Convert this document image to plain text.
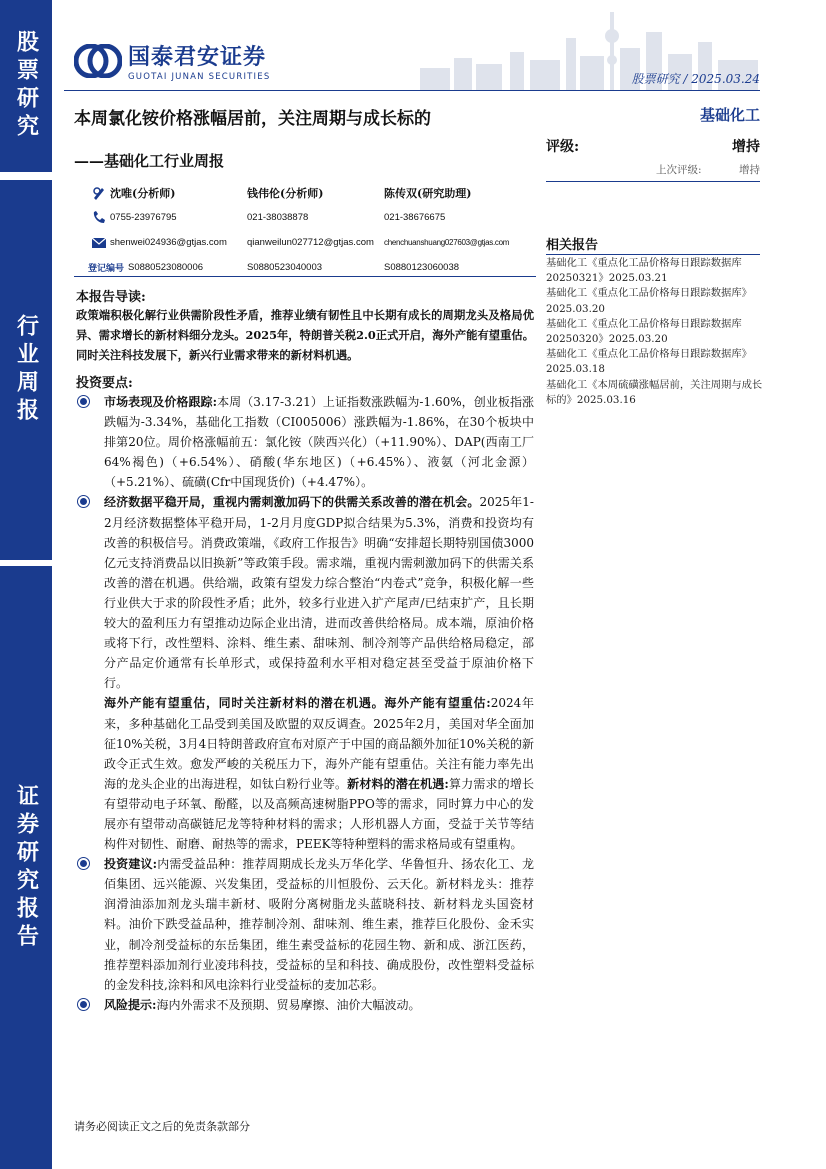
股票研究
行业周报
证券研究报告
国泰君安证券
GUOTAI JUNAN SECURITIES	股票研究 / 2025.03.24
本周氯化铵价格涨幅居前，关注周期与成长标的	基础化工
——基础化工行业周报
评级:	增持
上次评级:	增持
沈唯(分析师)	钱伟伦(分析师)	陈传双(研究助理)
0755-23976795	021-38038878	021-38676675
shenwei024936@gtjas.com	qianweilun027712@gtjas.com	chenchuanshuang027603@gtjas.com
登记编号 S0880523080006	S0880523040003	S0880123060038
本报告导读:
政策端积极化解行业供需阶段性矛盾，推荐业绩有韧性且中长期有成长的周期龙头及格局优异、需求增长的新材料细分龙头。2025年，特朗普关税2.0正式开启，海外产能有望重估。同时关注科技发展下，新兴行业需求带来的新材料机遇。
投资要点:
市场表现及价格跟踪:本周（3.17-3.21）上证指数涨跌幅为-1.60%，创业板指涨跌幅为-3.34%，基础化工指数（CI005006）涨跌幅为-1.86%，在30个板块中排第20位。周价格涨幅前五：氯化铵（陕西兴化）（+11.90%）、DAP(西南工厂64%褐色)（+6.54%）、硝酸(华东地区)（+6.45%）、液氨（河北金源）（+5.21%）、硫磺(Cfr中国现货价)（+4.47%）。
经济数据平稳开局，重视内需刺激加码下的供需关系改善的潜在机会。2025年1-2月经济数据整体平稳开局，1-2月月度GDP拟合结果为5.3%，消费和投资均有改善的积极信号。消费政策端，《政府工作报告》明确“安排超长期特别国债3000亿元支持消费品以旧换新”等政策手段。需求端，重视内需刺激加码下的供需关系改善的潜在机遇。供给端，政策有望发力综合整治“内卷式”竞争，积极化解一些行业供大于求的阶段性矛盾；此外，较多行业进入扩产尾声/已结束扩产，且长期较大的盈利压力有望推动边际企业出清，进而改善供给格局。成本端，原油价格或将下行，改性塑料、涂料、维生素、甜味剂、制冷剂等产品供给格局稳定，部分产品定价通常有长单形式，或保持盈利水平相对稳定甚至受益于原油价格下行。
海外产能有望重估，同时关注新材料的潜在机遇。海外产能有望重估:2024年来，多种基础化工品受到美国及欧盟的双反调查。2025年2月，美国对华全面加征10%关税，3月4日特朗普政府宣布对原产于中国的商品额外加征10%关税的新政令正式生效。愈发严峻的关税压力下，海外产能有望重估。关注有能力率先出海的龙头企业的出海进程，如钛白粉行业等。新材料的潜在机遇:算力需求的增长有望带动电子环氧、酚醛，以及高频高速树脂PPO等的需求，同时算力中心的发展亦有望带动高碳链尼龙等特种材料的需求；人形机器人方面，受益于关节等结构件对韧性、耐磨、耐热等的需求，PEEK等特种塑料的需求格局或有望重构。
投资建议:内需受益品种：推荐周期成长龙头万华化学、华鲁恒升、扬农化工、龙佰集团、远兴能源、兴发集团，受益标的川恒股份、云天化。新材料龙头：推荐润滑油添加剂龙头瑞丰新材、吸附分离树脂龙头蓝晓科技、新材料龙头国瓷材料。油价下跌受益品种，推荐制冷剂、甜味剂、维生素，推荐巨化股份、金禾实业，制冷剂受益标的东岳集团，维生素受益标的花园生物、新和成、浙江医药，推荐塑料添加剂行业凌玮科技，受益标的呈和科技、确成股份，改性塑料受益标的金发科技,涂料和风电涂料行业受益标的麦加芯彩。
风险提示:海内外需求不及预期、贸易摩擦、油价大幅波动。
相关报告
基础化工《重点化工品价格每日跟踪数据库20250321》2025.03.21
基础化工《重点化工品价格每日跟踪数据库》2025.03.20
基础化工《重点化工品价格每日跟踪数据库20250320》2025.03.20
基础化工《重点化工品价格每日跟踪数据库》2025.03.18
基础化工《本周硫磺涨幅居前，关注周期与成长标的》2025.03.16
请务必阅读正文之后的免责条款部分
